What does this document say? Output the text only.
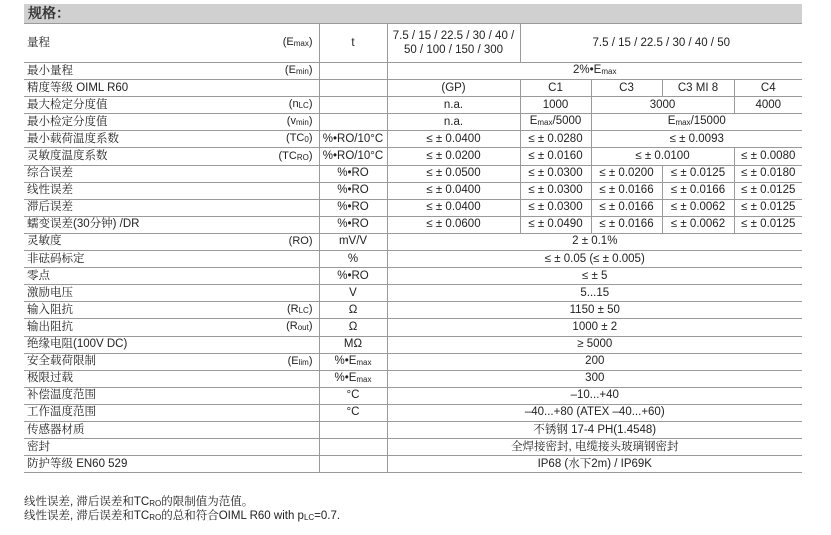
规格：
量程	$(E_{max})$	t	7.5 / 15 / 22.5 / 30 / 40 / 50 / 100 / 150 / 300	7.5 / 15 / 22.5 / 30 / 40 / 50			
最小量程	$(E_{min})$		$2\%•E_{max}$
精度等级 OIML R60			(GP)	C1	C3	C3 MI 8	C4
最大检定分度值	$(n_{LC})$		n.a.	1000	3000		4000
最小检定分度值	$(v_{min})$		n.a.	$E_{max}/5000$	$E_{max}/15000$		
最小载荷温度系数	$(TC_0)$	%•RO/10°C	≤ ± 0.0400	≤ ± 0.0280	≤ ± 0.0093		
灵敏度温度系数	$(TC_{RO})$	%•RO/10°C	≤ ± 0.0200	≤ ± 0.0160	≤ ± 0.0100		≤ ± 0.0080
综合误差		%•RO	≤ ± 0.0500	≤ ± 0.0300	≤ ± 0.0200	≤ ± 0.0125	≤ ± 0.0180
线性误差		%•RO	≤ ± 0.0400	≤ ± 0.0300	≤ ± 0.0166	≤ ± 0.0166	≤ ± 0.0125
滞后误差		%•RO	≤ ± 0.0400	≤ ± 0.0300	≤ ± 0.0166	≤ ± 0.0062	≤ ± 0.0125
蠕变误差(30分钟) /DR		%•RO	≤ ± 0.0600	≤ ± 0.0490	≤ ± 0.0166	≤ ± 0.0062	≤ ± 0.0125
灵敏度	(RO)	mV/V	2 ± 0.1%				
非砝码标定		%	≤ ± 0.05 (≤ ± 0.005)				
零点		%•RO	≤ ± 5				
激励电压		V	5...15				
输入阻抗	$(R_{LC})$	Ω	1150 ± 50				
输出阻抗	$(R_{out})$	Ω	1000 ± 2				
绝缘电阻(100V DC)		MΩ	≥ 5000				
安全载荷限制	$(E_{lim})$	$\%•E_{max}$	200				
极限过载		$\%•E_{max}$	300				
补偿温度范围		°C	–10...+40				
工作温度范围		°C	–40...+80 (ATEX –40...+60)				
传感器材质			不锈钢 17-4 PH(1.4548)				
密封			全焊接密封, 电缆接头玻璃钢密封				
防护等级 EN60 529			IP68 (水下2m) / IP69K				
线性误差, 滞后误差和$TC_{RO}$的限制值为范值。
线性误差, 滞后误差和$TC_{RO}$的总和符合OIML R60 with $p_{LC}=0.7$.
